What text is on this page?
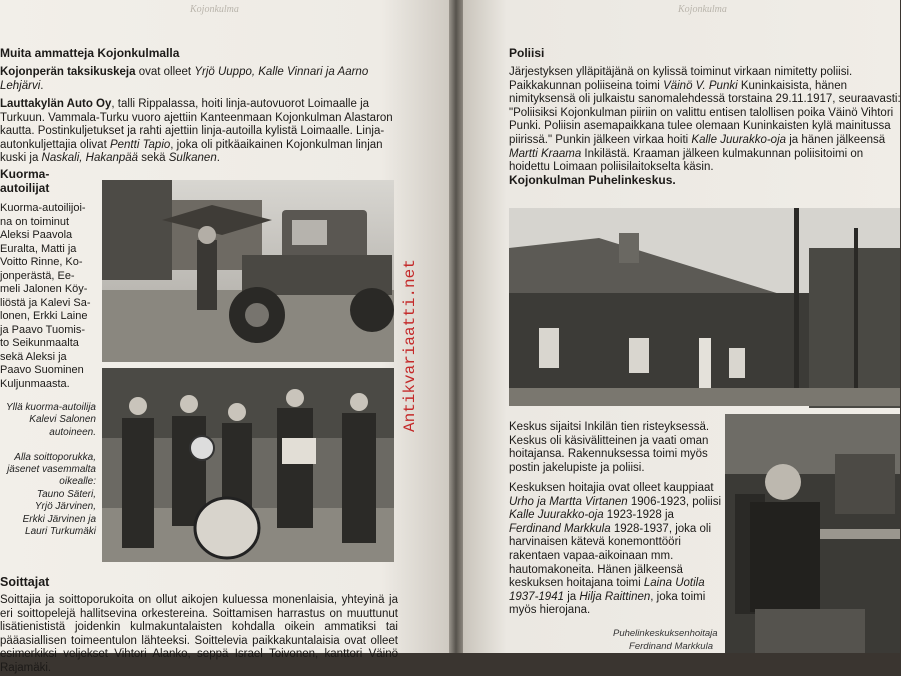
Kojonkulma
Muita ammatteja Kojonkulmalla

Kojonperän taksikuskeja ovat olleet Yrjö Uuppo, Kalle Vinnari ja Aarno Lehjärvi.

Lauttakylän Auto Oy, talli Rippalassa, hoiti linja-autovuorot Loimaalle ja Turkuun. Vammala-Turku vuoro ajettiin Kanteenmaan Kojonkulman Alastaron kautta. Postinkuljetukset ja rahti ajettiin linja-autoilla kylistä Loimaalle. Linja-autonkuljettajia olivat Pentti Tapio, joka oli pitkäaikainen Kojonkulman linjan kuski ja Naskali, Hakanpää sekä Sulkanen.

Kuorma-autoilijat
Kuorma-autoilijoi-
na on toiminut
Aleksi Paavola
Euralta, Matti ja
Voitto Rinne, Ko-
jonperästä, Ee-
meli Jalonen Köy-
liöstä ja Kalevi Sa-
lonen, Erkki Laine
ja Paavo Tuomis-
to Seikunmaalta
sekä Aleksi ja
Paavo Suominen
Kuljunmaasta.
Yllä kuorma-autoilija
Kalevi Salonen
autoineen.

Alla soittoporukka,
jäsenet vasemmalta
oikealle:
Tauno Säteri,
Yrjö Järvinen,
Erkki Järvinen ja
Lauri Turkumäki
Soittajat

Soittajia ja soittoporukoita on ollut aikojen kuluessa monenlaisia, yhteyinä ja eri soittopelejä hallitsevina orkestereina. Soittamisen harrastus on muuttunut lisätienististä joidenkin kulmakuntalaisten kohdalla oikein ammatiksi tai pääasiallisen toimeentulon lähteeksi. Soittelevia paikkakuntalaisia ovat olleet esimerkiksi veljekset Vihtori Alanko, seppä Israel Toivonen, kanttori Väinö Rajamäki.

Antikvariaatti.net
Kojonkulma
Poliisi

Järjestyksen ylläpitäjänä on kylissä toiminut virkaan nimitetty poliisi. Paikkakunnan poliiseina toimi Väinö V. Punki Kuninkaisista, hänen nimityksensä oli julkaistu sanomalehdessä torstaina 29.11.1917, seuraavasti: "Poliisiksi Kojonkulman piiriin on valittu entisen talollisen poika Väinö Vihtori Punki. Poliisin asemapaikkana tulee olemaan Kuninkaisten kylä mainitussa piirissä." Punkin jälkeen virkaa hoiti Kalle Juurakko-oja ja hänen jälkeensä Martti Kraama Inkilästä. Kraaman jälkeen kulmakunnan poliisitoimi on hoidettu Loimaan poliisilaitokselta käsin.

Kojonkulman Puhelinkeskus.
Keskus sijaitsi Inkilän tien risteyksessä.
Keskus oli käsivälitteinen ja vaati oman
hoitajansa. Rakennuksessa toimi myös
postin jakelupiste ja poliisi.

Keskuksen hoitajia ovat olleet kauppiaat Urho ja Martta Virtanen 1906-1923, poliisi Kalle Juurakko-oja 1923-1928 ja Ferdinand Markkula 1928-1937, joka oli harvinaisen kätevä konemonttööri rakentaen vapaa-aikoinaan mm. hautomakoneita. Hänen jälkeensä keskuksen hoitajana toimi Laina Uotila 1937-1941 ja Hilja Raittinen, joka toimi myös hierojana.

Puhelinkeskuksenhoitaja
Ferdinand Markkula
